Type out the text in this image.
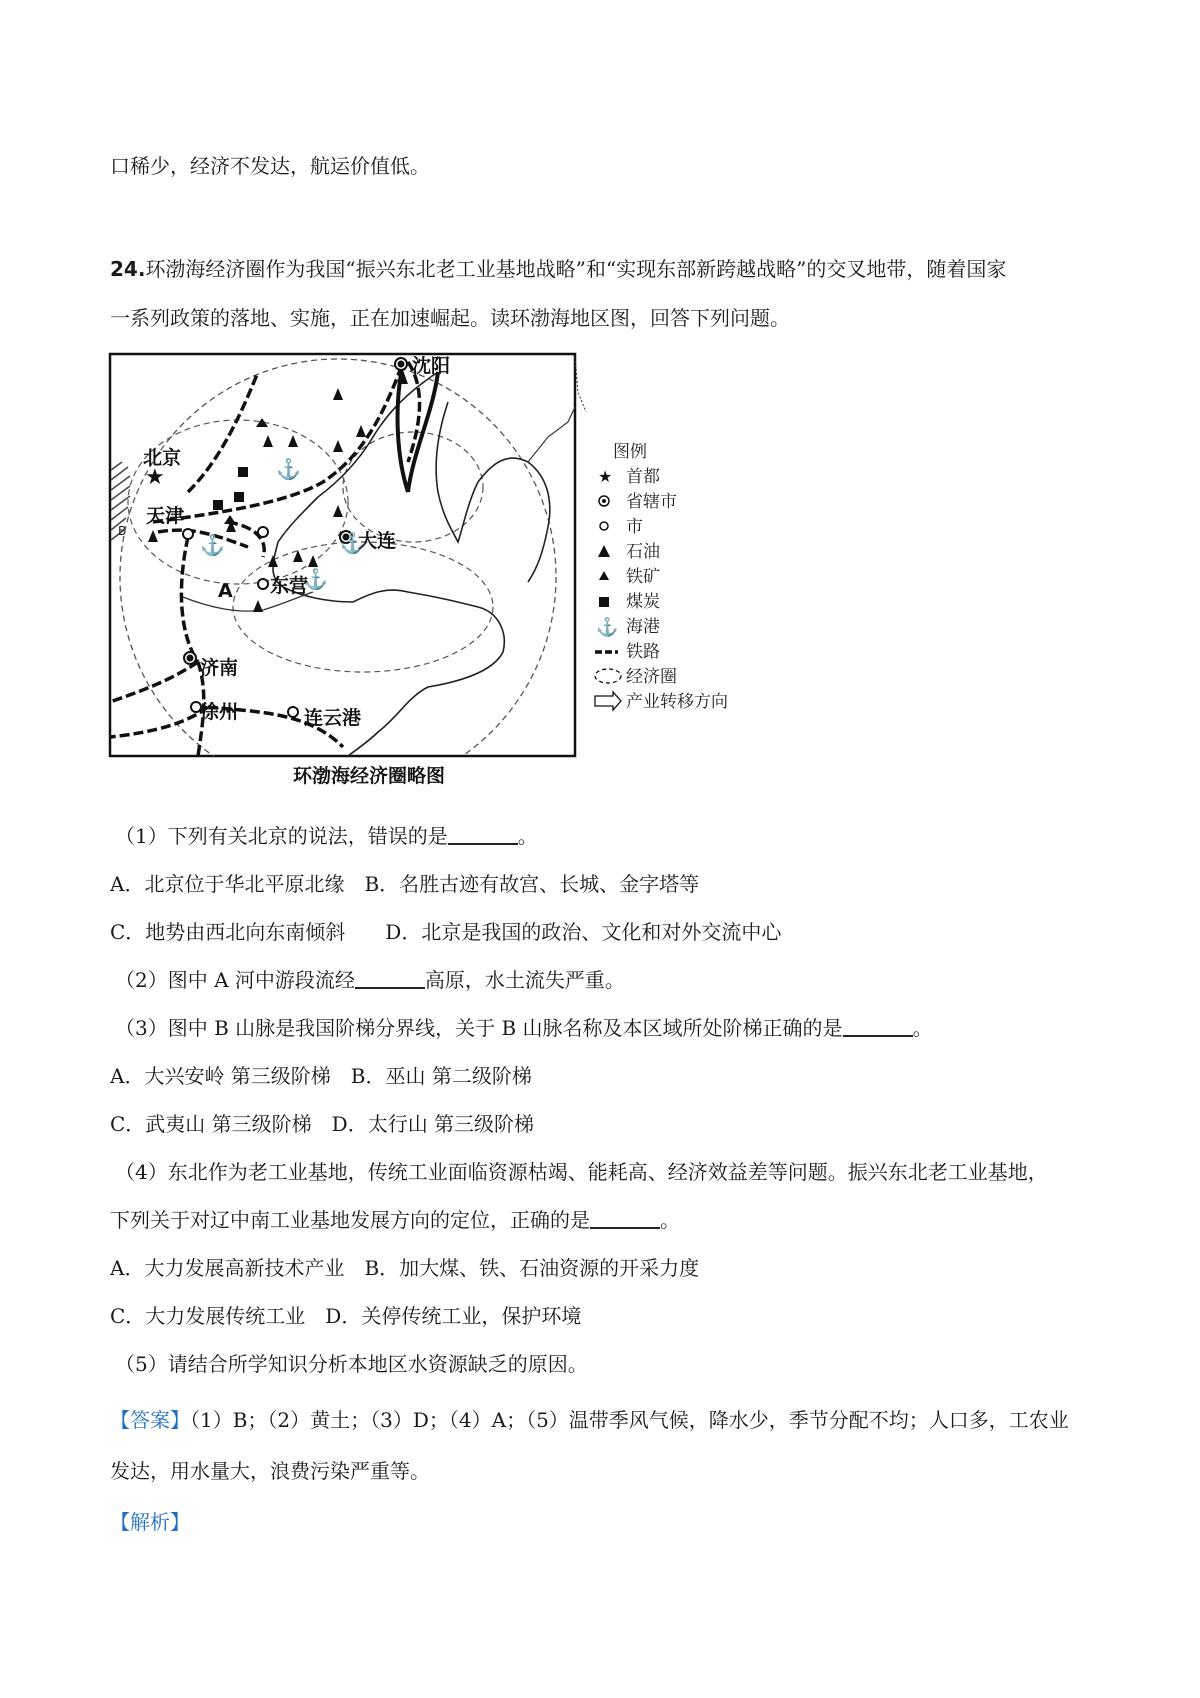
口稀少，经济不发达，航运价值低。
24.环渤海经济圈作为我国“振兴东北老工业基地战略”和“实现东部新跨越战略”的交叉地带，随着国家
一系列政策的落地、实施，正在加速崛起。读环渤海地区图，回答下列问题。
B
★	⚓
⚓	⚓
⚓
沈阳
北京
天津
大连
东营
A
济南
徐州	连云港
环渤海经济圈略图
图例
★ 首都
省辖市
市
石油
铁矿
煤炭
⚓ 海港
铁路
经济圈
产业转移方向
（1）下列有关北京的说法，错误的是	。
A．北京位于华北平原北缘　B．名胜古迹有故宫、长城、金字塔等
C．地势由西北向东南倾斜　　D．北京是我国的政治、文化和对外交流中心
（2）图中 A 河中游段流经	高原，水土流失严重。
（3）图中 B 山脉是我国阶梯分界线，关于 B 山脉名称及本区域所处阶梯正确的是	。
A．大兴安岭 第三级阶梯　B．巫山 第二级阶梯
C．武夷山 第三级阶梯　D．太行山 第三级阶梯
（4）东北作为老工业基地，传统工业面临资源枯竭、能耗高、经济效益差等问题。振兴东北老工业基地，
下列关于对辽中南工业基地发展方向的定位，正确的是	。
A．大力发展高新技术产业　B．加大煤、铁、石油资源的开采力度
C．大力发展传统工业　D．关停传统工业，保护环境
（5）请结合所学知识分析本地区水资源缺乏的原因。
【答案】（1）B；（2）黄土；（3）D；（4）A；（5）温带季风气候，降水少，季节分配不均；人口多，工农业
发达，用水量大，浪费污染严重等。
【解析】
